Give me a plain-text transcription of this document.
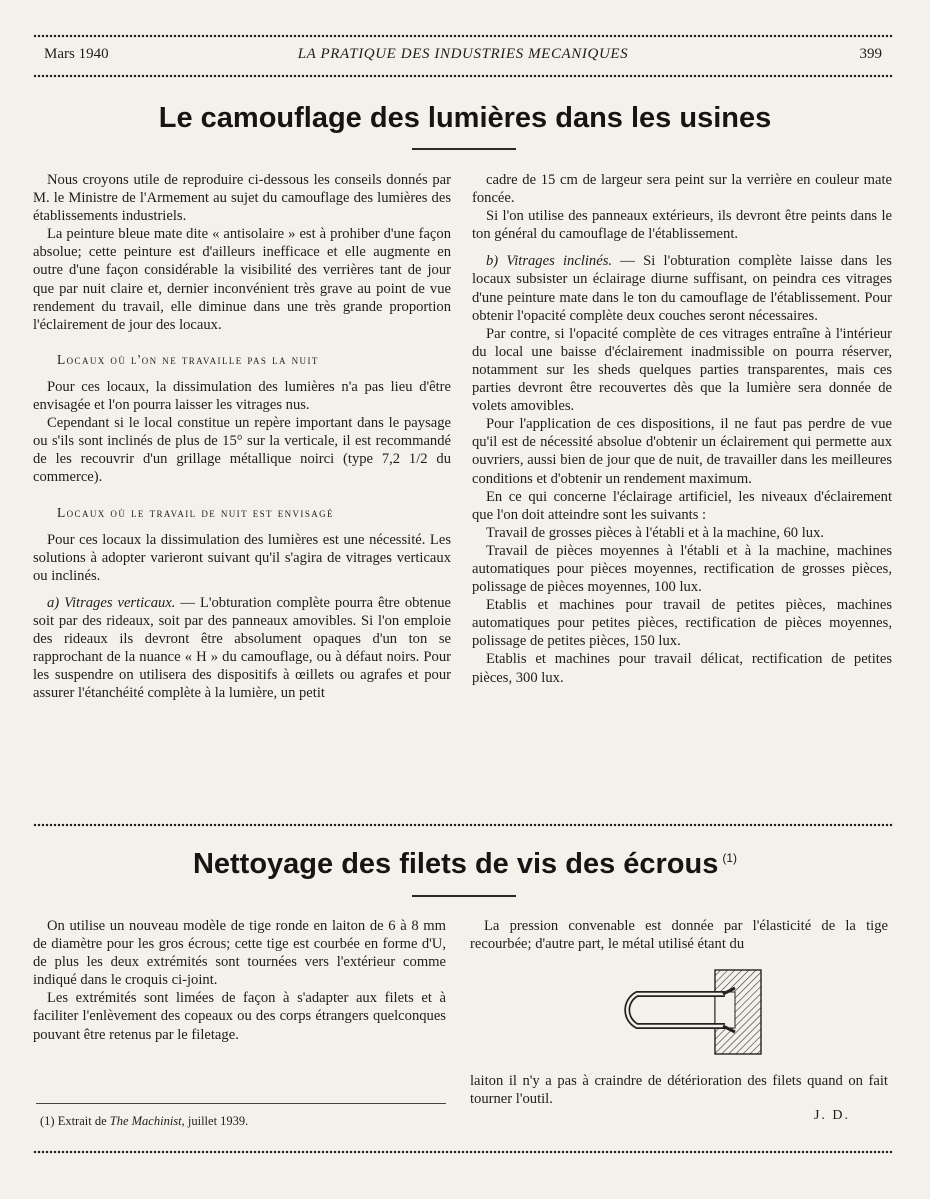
Mars 1940	LA PRATIQUE DES INDUSTRIES MECANIQUES	399
Le camouflage des lumières dans les usines

Nous croyons utile de reproduire ci-dessous les conseils donnés par M. le Ministre de l'Armement au sujet du camouflage des lumières des établissements industriels.

La peinture bleue mate dite « antisolaire » est à prohiber d'une façon absolue; cette peinture est d'ailleurs inefficace et elle augmente en outre d'une façon considérable la visibilité des verrières tant de jour que par nuit claire et, dernier inconvénient très grave au point de vue rendement du travail, elle diminue dans une très grande proportion l'éclairement de jour des locaux.

Locaux où l'on ne travaille pas la nuit

Pour ces locaux, la dissimulation des lumières n'a pas lieu d'être envisagée et l'on pourra laisser les vitrages nus.

Cependant si le local constitue un repère important dans le paysage ou s'ils sont inclinés de plus de 15° sur la verticale, il est recommandé de les recouvrir d'un grillage métallique noirci (type 7,2 1/2 du commerce).

Locaux où le travail de nuit est envisagé

Pour ces locaux la dissimulation des lumières est une nécessité. Les solutions à adopter varieront suivant qu'il s'agira de vitrages verticaux ou inclinés.

a) Vitrages verticaux. — L'obturation complète pourra être obtenue soit par des rideaux, soit par des panneaux amovibles. Si l'on emploie des rideaux ils devront être absolument opaques d'un ton se rapprochant de la nuance « H » du camouflage, ou à défaut noirs. Pour les suspendre on utilisera des dispositifs à œillets ou agrafes et pour assurer l'étanchéité complète à la lumière, un petit

cadre de 15 cm de largeur sera peint sur la verrière en couleur mate foncée.

Si l'on utilise des panneaux extérieurs, ils devront être peints dans le ton général du camouflage de l'établissement.

b) Vitrages inclinés. — Si l'obturation complète laisse dans les locaux subsister un éclairage diurne suffisant, on peindra ces vitrages d'une peinture mate dans le ton du camouflage de l'établissement. Pour obtenir l'opacité complète deux couches seront nécessaires.

Par contre, si l'opacité complète de ces vitrages entraîne à l'intérieur du local une baisse d'éclairement inadmissible on pourra réserver, notamment sur les sheds quelques parties transparentes, mais ces parties devront être recouvertes dès que la lumière sera donnée de volets amovibles.

Pour l'application de ces dispositions, il ne faut pas perdre de vue qu'il est de nécessité absolue d'obtenir un éclairement qui permette aux ouvriers, aussi bien de jour que de nuit, de travailler dans les meilleures conditions et d'obtenir un rendement maximum.

En ce qui concerne l'éclairage artificiel, les niveaux d'éclairement que l'on doit atteindre sont les suivants :

Travail de grosses pièces à l'établi et à la machine, 60 lux.

Travail de pièces moyennes à l'établi et à la machine, machines automatiques pour pièces moyennes, rectification de grosses pièces, polissage de pièces moyennes, 100 lux.

Etablis et machines pour travail de petites pièces, machines automatiques pour petites pièces, rectification de pièces moyennes, polissage de petites pièces, 150 lux.

Etablis et machines pour travail délicat, rectification de petites pièces, 300 lux.

Nettoyage des filets de vis des écrous $^{(1)}$

On utilise un nouveau modèle de tige ronde en laiton de 6 à 8 mm de diamètre pour les gros écrous; cette tige est courbée en forme d'U, de plus les deux extrémités sont tournées vers l'extérieur comme indiqué dans le croquis ci-joint.

Les extrémités sont limées de façon à s'adapter aux filets et à faciliter l'enlèvement des copeaux ou des corps étrangers quelconques pouvant être retenus par le filetage.

La pression convenable est donnée par l'élasticité de la tige recourbée; d'autre part, le métal utilisé étant du

laiton il n'y a pas à craindre de détérioration des filets quand on fait tourner l'outil.

(1) Extrait de The Machinist, juillet 1939.	J. D.
